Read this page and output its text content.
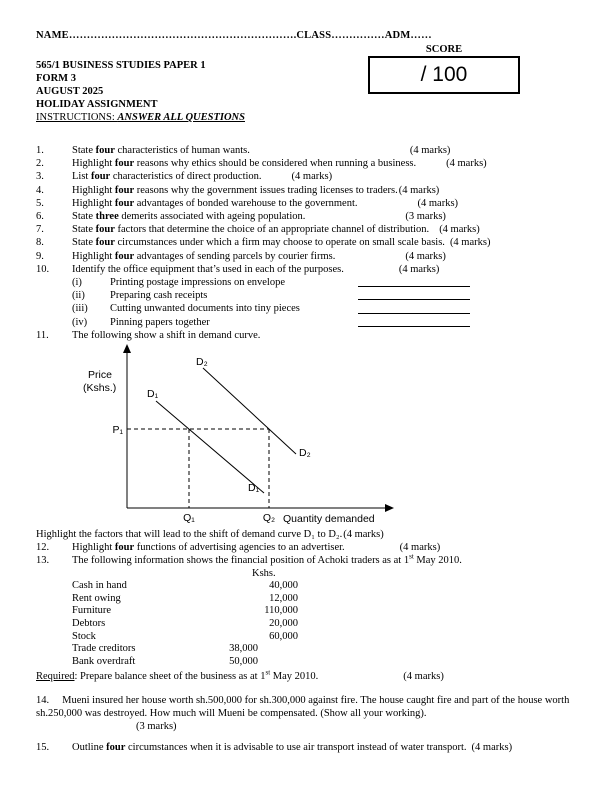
NAME……………………………………………………….CLASS……………ADM……
565/1 BUSINESS STUDIES PAPER 1
FORM 3
AUGUST 2025
HOLIDAY ASSIGNMENT
INSTRUCTIONS: ANSWER ALL QUESTIONS
1.	State four characteristics of human wants.	(4 marks)
2.	Highlight four reasons why ethics should be considered when running a business.	(4 marks)
3.	List four characteristics of direct production.	(4 marks)
4.	Highlight four reasons why the government issues trading licenses to traders.(4 marks)
5.	Highlight four advantages of bonded warehouse to the government.	(4 marks)
6.	State three demerits associated with ageing population.	(3 marks)
7.	State four factors that determine the choice of an appropriate channel of distribution. (4 marks)
8.	State four circumstances under which a firm may choose to operate on small scale basis. (4 marks)
9.	Highlight four advantages of sending parcels by courier firms.	(4 marks)
10.	Identify the office equipment that’s used in each of the purposes.	(4 marks)
(i)	Printing postage impressions on envelope
(ii)	Preparing cash receipts
(iii)	Cutting unwanted documents into tiny pieces
(iv)	Pinning papers together
11.	The following show a shift in demand curve.
Price
(Kshs.)
D₂
D₂
D₁
D₁
P₁
Q₁	Q₂ Quantity demanded
Highlight the factors that will lead to the shift of demand curve D₁ to D₂.(4 marks)
12.	Highlight four functions of advertising agencies to an advertiser.	(4 marks)
13.	The following information shows the financial position of Achoki traders as at 1st May 2010.
Kshs.
Cash in hand	40,000
Rent owing	12,000
Furniture	110,000
Debtors	20,000
Stock	60,000
Trade creditors	38,000
Bank overdraft	50,000
Required: Prepare balance sheet of the business as at 1st May 2010.	(4 marks)
14. Mueni insured her house worth sh.500,000 for sh.300,000 against fire. The house caught fire and part of the house worth sh.250,000 was destroyed. How much will Mueni be compensated. (Show all your working).
(3 marks)
15.	Outline four circumstances when it is advisable to use air transport instead of water transport. (4 marks)
SCORE
/ 100
